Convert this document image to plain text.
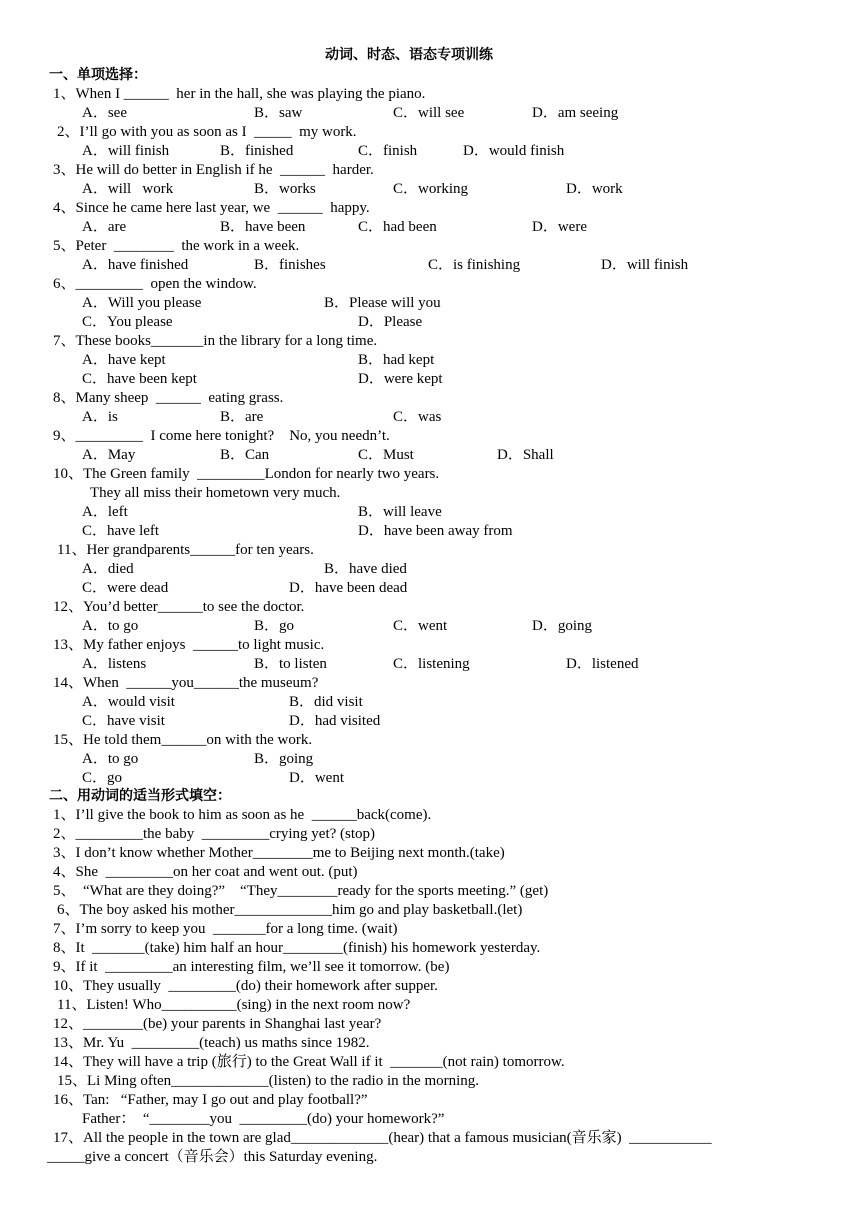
动词、时态、语态专项训练
一、单项选择：
1、When I ______  her in the hall, she was playing the piano.
A．see	B．saw	C．will see	D．am seeing
2、I’ll go with you as soon as I  _____  my work.
A．will finish	B．finished	C．finish	D．would finish
3、He will do better in English if he  ______  harder.
A．will   work	B．works	C．working	D．work
4、Since he came here last year, we  ______  happy.
A．are	B．have been	C．had been	D．were
5、Peter  ________  the work in a week.
A．have finished	B．finishes	C．is finishing	D．will finish
6、_________  open the window.
A．Will you please	B．Please will you
C．You please	D．Please
7、These books_______in the library for a long time.
A．have kept	B．had kept
C．have been kept	D．were kept
8、Many sheep  ______  eating grass.
A．is	B．are	C．was
9、_________  I come here tonight?    No, you needn’t.
A．May	B．Can	C．Must	D．Shall
10、The Green family  _________London for nearly two years.
They all miss their hometown very much.
A．left	B．will leave
C．have left	D．have been away from
11、Her grandparents______for ten years.
A．died	B．have died
C．were dead	D．have been dead
12、You’d better______to see the doctor.
A．to go	B．go	C．went	D．going
13、My father enjoys  ______to light music.
A．listens	B．to listen	C．listening	D．listened
14、When  ______you______the museum?
A．would visit	B．did visit
C．have visit	D．had visited
15、He told them______on with the work.
A．to go	B．going
C．go	D．went
二、用动词的适当形式填空：
1、I’ll give the book to him as soon as he  ______back(come).
2、_________the baby  _________crying yet? (stop)
3、I don’t know whether Mother________me to Beijing next month.(take)
4、She  _________on her coat and went out. (put)
5、  “What are they doing?”    “They________ready for the sports meeting.” (get)
6、The boy asked his mother_____________him go and play basketball.(let)
7、I’m sorry to keep you  _______for a long time. (wait)
8、It  _______(take) him half an hour________(finish) his homework yesterday.
9、If it  _________an interesting film, we’ll see it tomorrow. (be)
10、They usually  _________(do) their homework after supper.
11、Listen! Who__________(sing) in the next room now?
12、________(be) your parents in Shanghai last year?
13、Mr. Yu  _________(teach) us maths since 1982.
14、They will have a trip (旅行) to the Great Wall if it  _______(not rain) tomorrow.
15、Li Ming often_____________(listen) to the radio in the morning.
16、Tan:   “Father, may I go out and play football?”
Father：  “________you  _________(do) your homework?”
17、All the people in the town are glad_____________(hear) that a famous musician(音乐家)  ___________
_____give a concert（音乐会）this Saturday evening.
